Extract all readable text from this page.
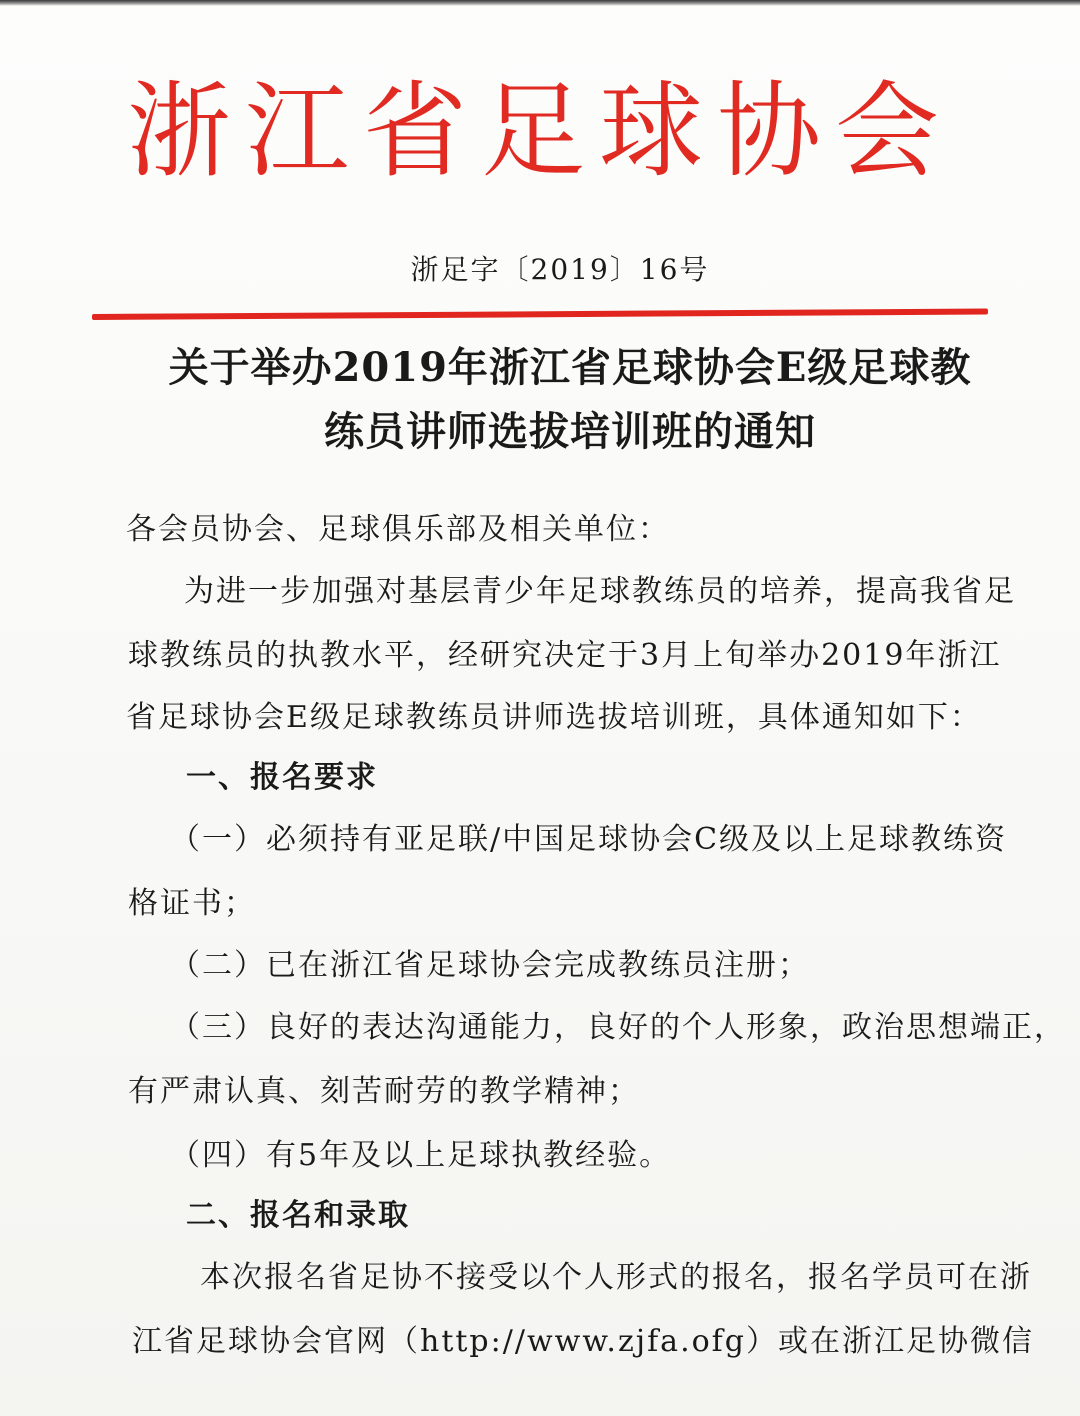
浙江省足球协会
浙足字〔2019〕16号
关于举办2019年浙江省足球协会E级足球教
练员讲师选拔培训班的通知
各会员协会、足球俱乐部及相关单位：
为进一步加强对基层青少年足球教练员的培养，提高我省足
球教练员的执教水平，经研究决定于3月上旬举办2019年浙江
省足球协会E级足球教练员讲师选拔培训班，具体通知如下：
一、报名要求
（一）必须持有亚足联/中国足球协会C级及以上足球教练资
格证书；
（二）已在浙江省足球协会完成教练员注册；
（三）良好的表达沟通能力，良好的个人形象，政治思想端正，
有严肃认真、刻苦耐劳的教学精神；
（四）有5年及以上足球执教经验。
二、报名和录取
本次报名省足协不接受以个人形式的报名，报名学员可在浙
江省足球协会官网（http://www.zjfa.ofg）或在浙江足协微信
